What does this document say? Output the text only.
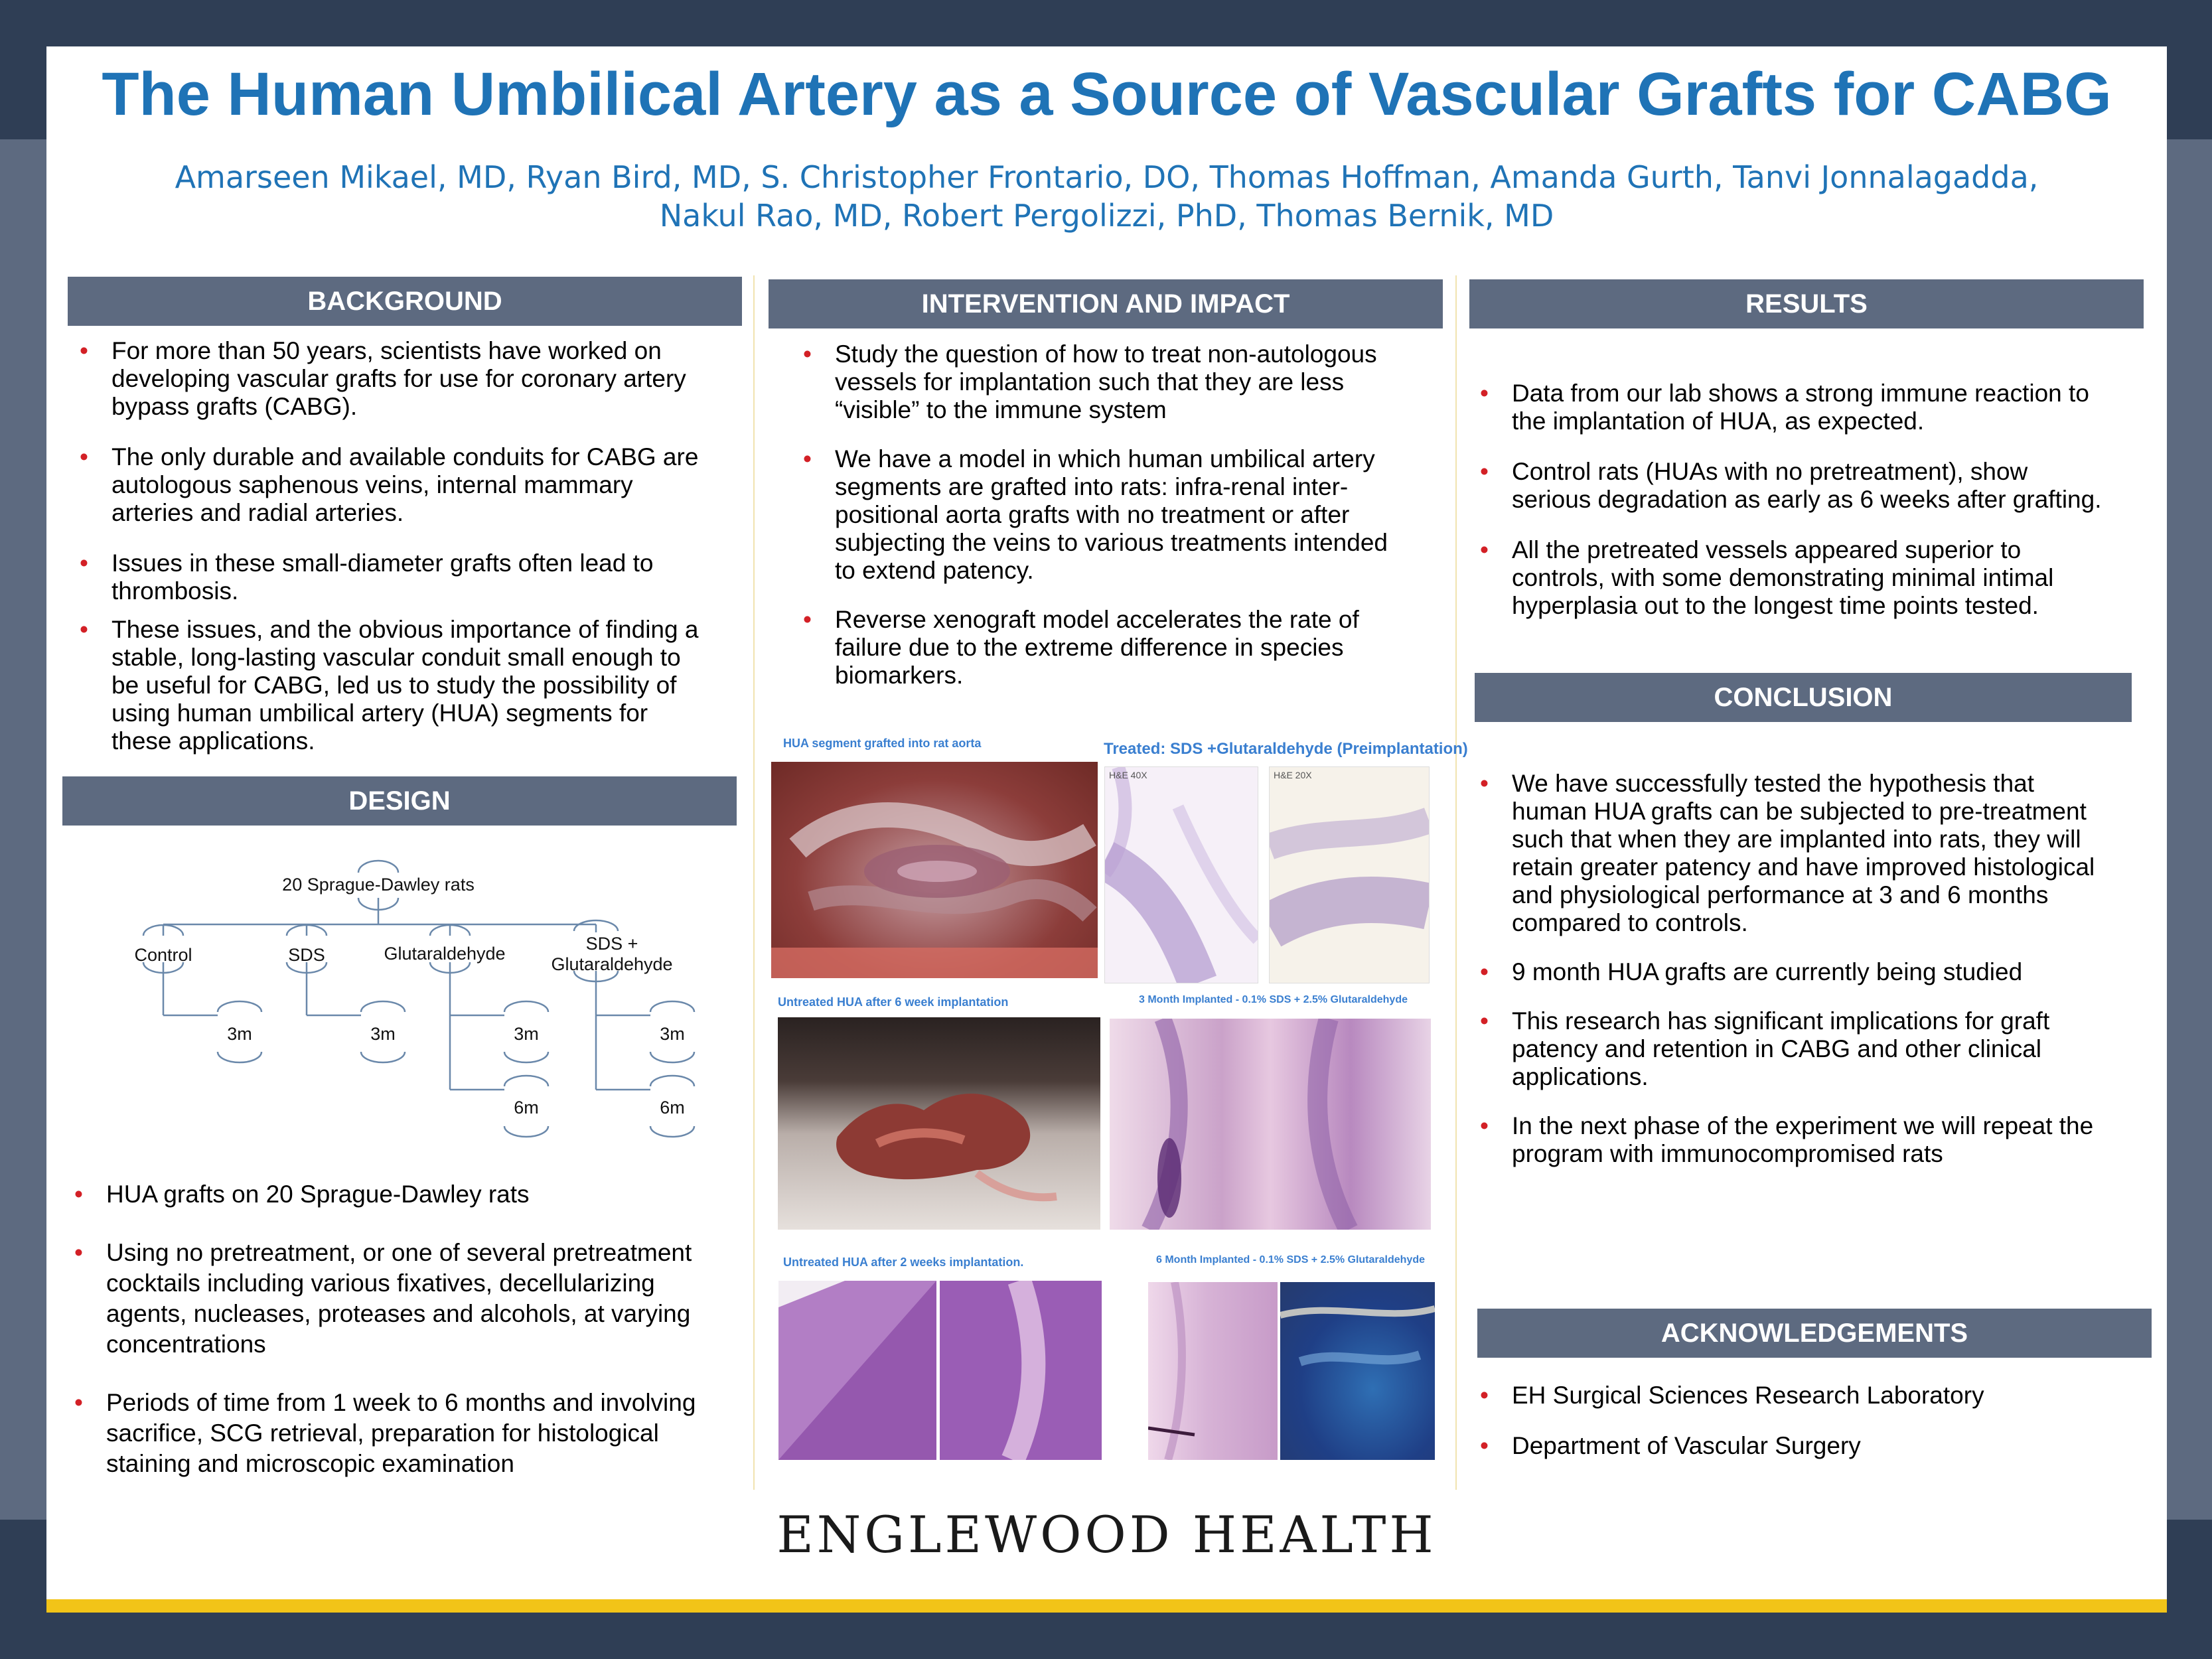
The Human Umbilical Artery as a Source of Vascular Grafts for CABG
Amarseen Mikael, MD, Ryan Bird, MD, S. Christopher Frontario, DO, Thomas Hoffman, Amanda Gurth, Tanvi Jonnalagadda,
Nakul Rao, MD, Robert Pergolizzi, PhD, Thomas Bernik, MD
BACKGROUND
• For more than 50 years, scientists have worked on
developing vascular grafts for use for coronary artery
bypass grafts (CABG).
• The only durable and available conduits for CABG are
autologous saphenous veins, internal mammary
arteries and radial arteries.
• Issues in these small-diameter grafts often lead to
thrombosis.
• These issues, and the obvious importance of finding a
stable, long-lasting vascular conduit small enough to
be useful for CABG, led us to study the possibility of
using human umbilical artery (HUA) segments for
these applications.
DESIGN
20 Sprague-Dawley rats
Control	SDS	Glutaraldehyde	SDS +
Glutaraldehyde
3m	3m	3m	3m
6m	6m
• HUA grafts on 20 Sprague-Dawley rats
• Using no pretreatment, or one of several pretreatment
cocktails including various fixatives, decellularizing
agents, nucleases, proteases and alcohols, at varying
concentrations
• Periods of time from 1 week to 6 months and involving
sacrifice, SCG retrieval, preparation for histological
staining and microscopic examination
INTERVENTION AND IMPACT
• Study the question of how to treat non-autologous
vessels for implantation such that they are less
“visible” to the immune system
• We have a model in which human umbilical artery
segments are grafted into rats: infra-renal inter-
positional aorta grafts with no treatment or after
subjecting the veins to various treatments intended
to extend patency.
• Reverse xenograft model accelerates the rate of
failure due to the extreme difference in species
biomarkers.
HUA segment grafted into rat aorta	Treated: SDS +Glutaraldehyde (Preimplantation)
Untreated HUA after 6 week implantation	3 Month Implanted - 0.1% SDS + 2.5% Glutaraldehyde
Untreated HUA after 2 weeks implantation.	6 Month Implanted - 0.1% SDS + 2.5% Glutaraldehyde
H&E 40X	H&E 20X
RESULTS
• Data from our lab shows a strong immune reaction to
the implantation of HUA, as expected.
• Control rats (HUAs with no pretreatment), show
serious degradation as early as 6 weeks after grafting.
• All the pretreated vessels appeared superior to
controls, with some demonstrating minimal intimal
hyperplasia out to the longest time points tested.
CONCLUSION
• We have successfully tested the hypothesis that
human HUA grafts can be subjected to pre-treatment
such that when they are implanted into rats, they will
retain greater patency and have improved histological
and physiological performance at 3 and 6 months
compared to controls.
• 9 month HUA grafts are currently being studied
• This research has significant implications for graft
patency and retention in CABG and other clinical
applications.
• In the next phase of the experiment we will repeat the
program with immunocompromised rats
ACKNOWLEDGEMENTS
• EH Surgical Sciences Research Laboratory
• Department of Vascular Surgery
ENGLEWOOD HEALTH
